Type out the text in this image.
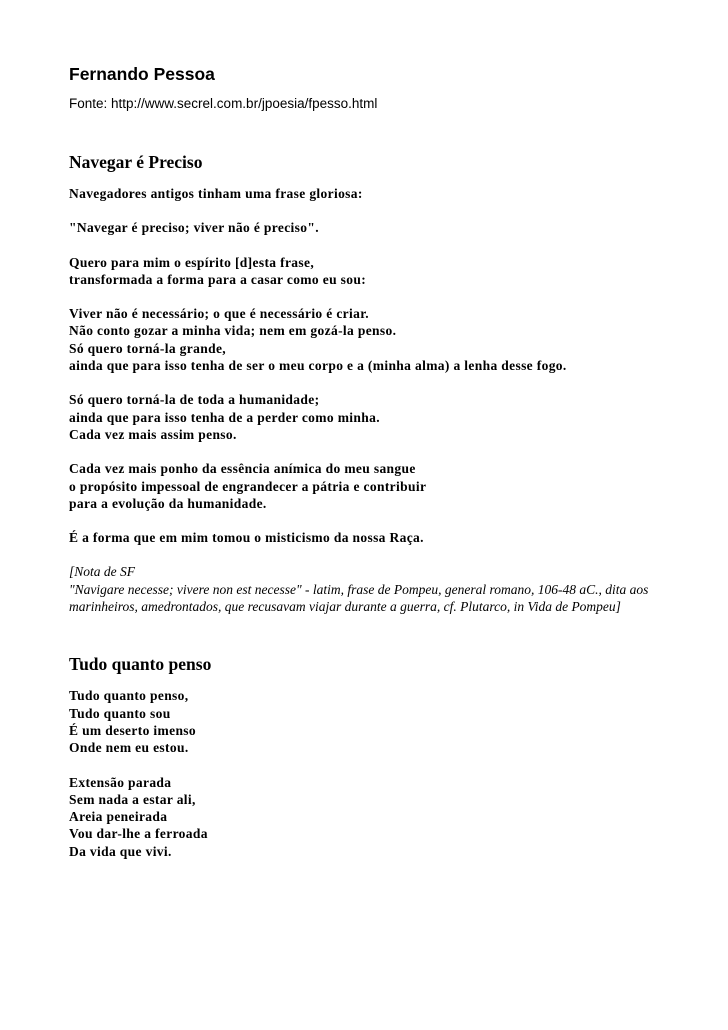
Fernando Pessoa

Fonte: http://www.secrel.com.br/jpoesia/fpesso.html

Navegar é Preciso

Navegadores antigos tinham uma frase gloriosa:

"Navegar é preciso; viver não é preciso".

Quero para mim o espírito [d]esta frase,
transformada a forma para a casar como eu sou:

Viver não é necessário; o que é necessário é criar.
Não conto gozar a minha vida; nem em gozá-la penso.
Só quero torná-la grande,
ainda que para isso tenha de ser o meu corpo e a (minha alma) a lenha desse fogo.

Só quero torná-la de toda a humanidade;
ainda que para isso tenha de a perder como minha.
Cada vez mais assim penso.

Cada vez mais ponho da essência anímica do meu sangue
o propósito impessoal de engrandecer a pátria e contribuir
para a evolução da humanidade.

É a forma que em mim tomou o misticismo da nossa Raça.

[Nota de SF
"Navigare necesse; vivere non est necesse" - latim, frase de Pompeu, general romano, 106-48 aC., dita aos marinheiros, amedrontados, que recusavam viajar durante a guerra, cf. Plutarco, in Vida de Pompeu]

Tudo quanto penso

Tudo quanto penso,
Tudo quanto sou
É um deserto imenso
Onde nem eu estou.

Extensão parada
Sem nada a estar ali,
Areia peneirada
Vou dar-lhe a ferroada
Da vida que vivi.
